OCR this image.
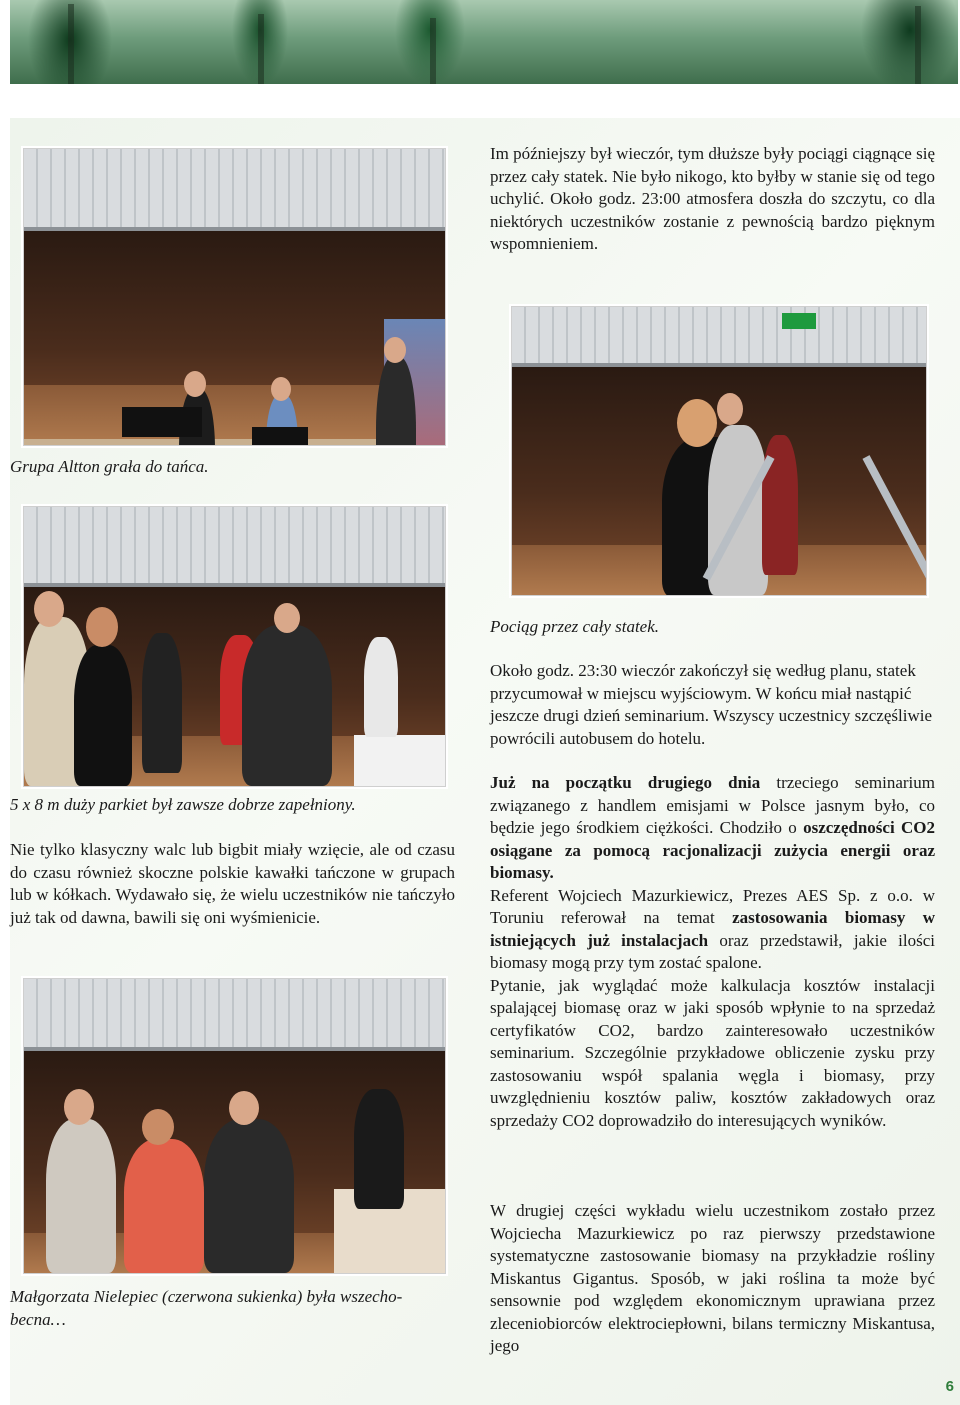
Im późniejszy był wieczór, tym dłuższe były pociągi ciągnące się przez cały statek. Nie było nikogo, kto byłby w stanie się od tego uchylić. Około godz. 23:00 atmosfera doszła do szczytu, co dla niektórych uczestników zostanie z pewnością bardzo pięknym wspomnieniem.
Grupa Altton grała do tańca.
Pociąg przez cały statek.
Około godz. 23:30 wieczór zakończył się według planu, statek przycumował w miejscu wyjściowym. W końcu miał nastąpić jeszcze drugi dzień seminarium. Wszyscy uczestnicy szczęśliwie powrócili autobusem do hotelu.
5 x 8 m duży parkiet był zawsze dobrze zapełniony.
Nie tylko klasyczny walc lub bigbit miały wzięcie, ale od czasu do czasu również skoczne polskie kawałki tańczone w grupach lub w kółkach. Wydawało się, że wielu uczestników nie tańczyło już tak od dawna, bawili się oni wyśmienicie.
Już na początku drugiego dnia trzeciego seminarium związanego z handlem emisjami w Polsce jasnym było, co będzie jego środkiem ciężkości. Chodziło o oszczędności CO2 osiągane za pomocą racjonalizacji zużycia energii oraz biomasy.
Referent Wojciech Mazurkiewicz, Prezes AES Sp. z o.o. w Toruniu referował na temat zastosowania biomasy w istniejących już instalacjach oraz przedstawił, jakie ilości biomasy mogą przy tym zostać spalone.
Pytanie, jak wyglądać może kalkulacja kosztów instalacji spalającej biomasę oraz w jaki sposób wpłynie to na sprzedaż certyfikatów CO2, bardzo zainteresowało uczestników seminarium. Szczególnie przykładowe obliczenie zysku przy zastosowaniu współ spalania węgla i biomasy, przy uwzględnieniu kosztów paliw, kosztów zakładowych oraz sprzedaży CO2 doprowadziło do interesujących wyników.
W drugiej części wykładu wielu uczestnikom zostało przez Wojciecha Mazurkiewicz po raz pierwszy przedstawione systematyczne zastosowanie biomasy na przykładzie rośliny Miskantus Gigantus. Sposób, w jaki roślina ta może być sensownie pod względem ekonomicznym uprawiana przez zleceniobiorców elektrociepłowni, bilans termiczny Miskantusa, jego
Małgorzata Nielepiec (czerwona sukienka) była wszecho-becna…
6
